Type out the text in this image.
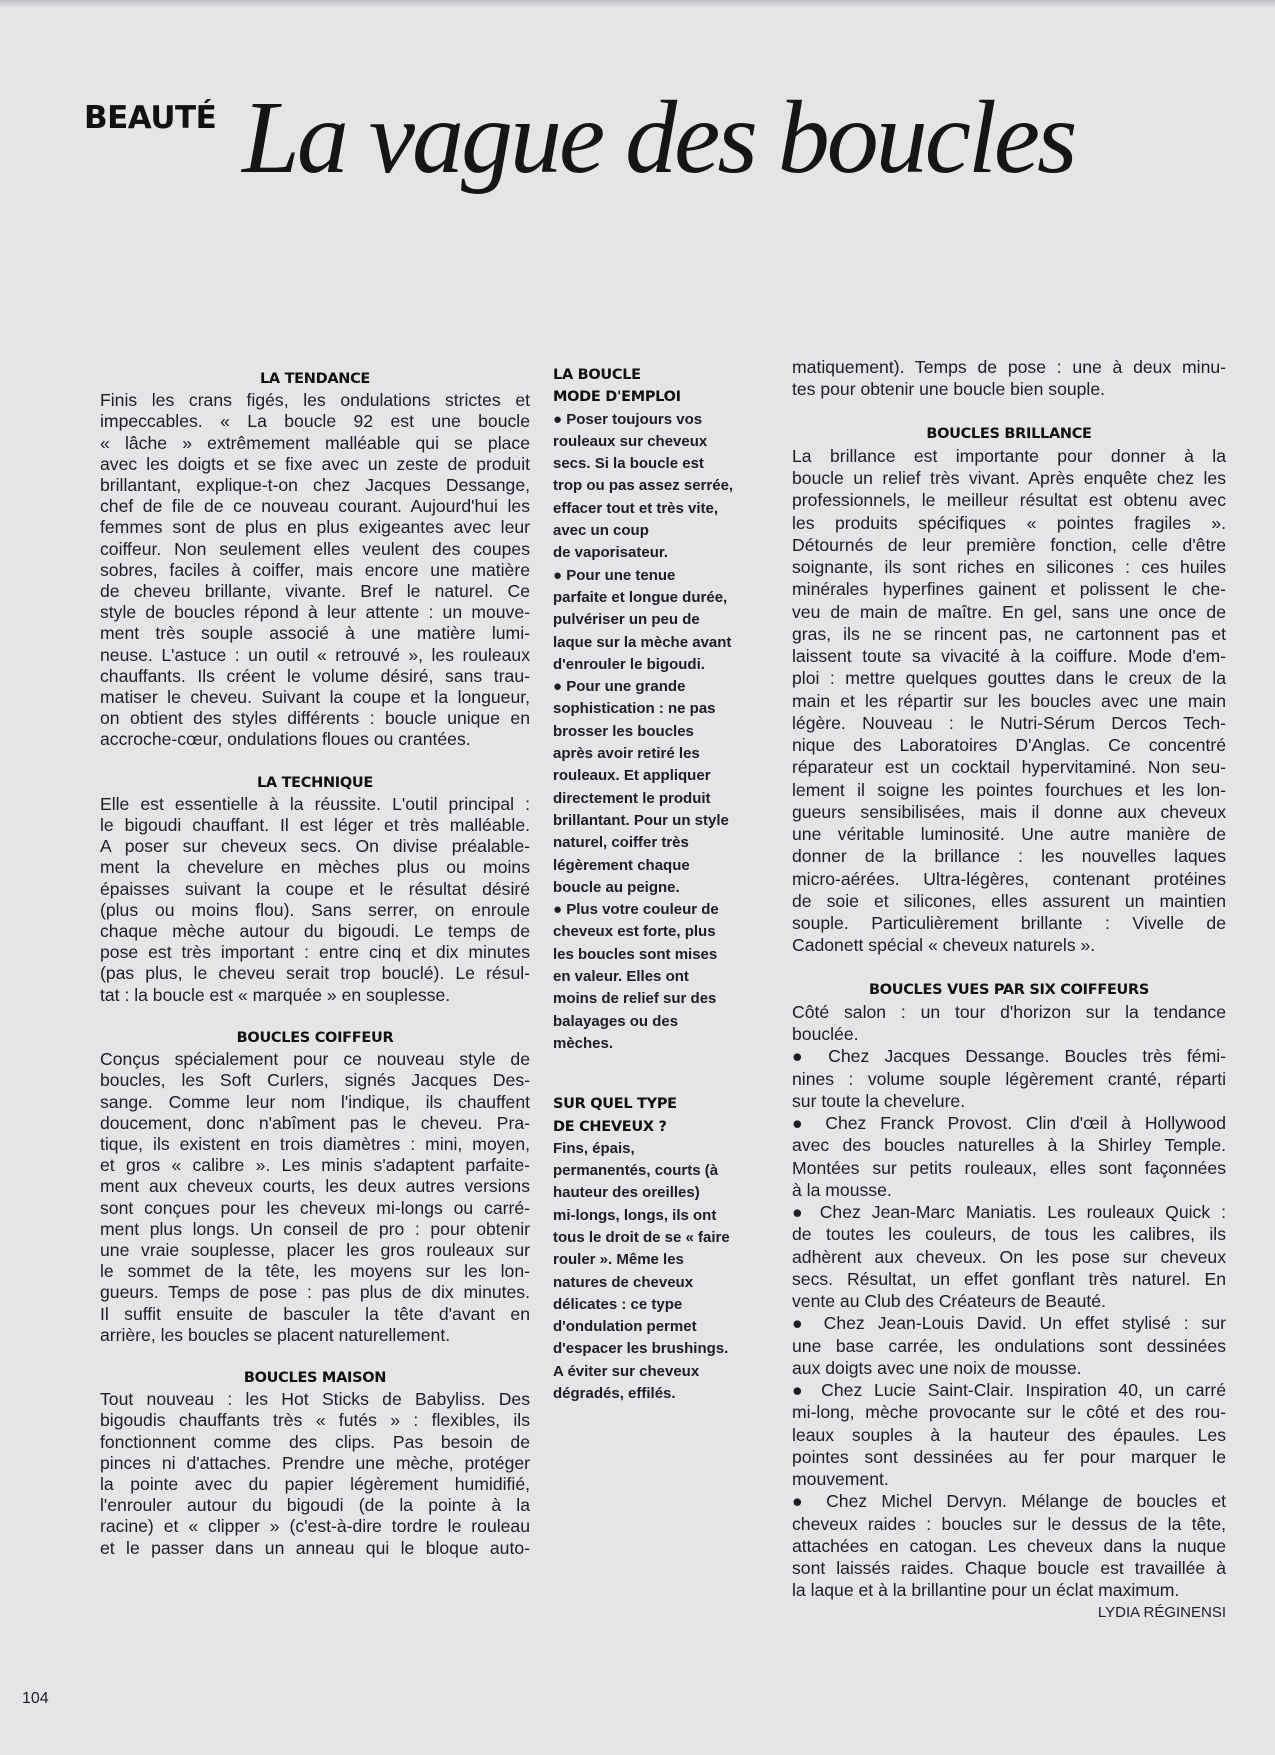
BEAUTÉ La vague des boucles
LA TENDANCE
Finis les crans figés, les ondulations strictes et
impeccables. « La boucle 92 est une boucle
« lâche » extrêmement malléable qui se place
avec les doigts et se fixe avec un zeste de produit
brillantant, explique-t-on chez Jacques Dessange,
chef de file de ce nouveau courant. Aujourd'hui les
femmes sont de plus en plus exigeantes avec leur
coiffeur. Non seulement elles veulent des coupes
sobres, faciles à coiffer, mais encore une matière
de cheveu brillante, vivante. Bref le naturel. Ce
style de boucles répond à leur attente : un mouve-
ment très souple associé à une matière lumi-
neuse. L'astuce : un outil « retrouvé », les rouleaux
chauffants. Ils créent le volume désiré, sans trau-
matiser le cheveu. Suivant la coupe et la longueur,
on obtient des styles différents : boucle unique en
accroche-cœur, ondulations floues ou crantées.
LA TECHNIQUE
Elle est essentielle à la réussite. L'outil principal :
le bigoudi chauffant. Il est léger et très malléable.
A poser sur cheveux secs. On divise préalable-
ment la chevelure en mèches plus ou moins
épaisses suivant la coupe et le résultat désiré
(plus ou moins flou). Sans serrer, on enroule
chaque mèche autour du bigoudi. Le temps de
pose est très important : entre cinq et dix minutes
(pas plus, le cheveu serait trop bouclé). Le résul-
tat : la boucle est « marquée » en souplesse.
BOUCLES COIFFEUR
Conçus spécialement pour ce nouveau style de
boucles, les Soft Curlers, signés Jacques Des-
sange. Comme leur nom l'indique, ils chauffent
doucement, donc n'abîment pas le cheveu. Pra-
tique, ils existent en trois diamètres : mini, moyen,
et gros « calibre ». Les minis s'adaptent parfaite-
ment aux cheveux courts, les deux autres versions
sont conçues pour les cheveux mi-longs ou carré-
ment plus longs. Un conseil de pro : pour obtenir
une vraie souplesse, placer les gros rouleaux sur
le sommet de la tête, les moyens sur les lon-
gueurs. Temps de pose : pas plus de dix minutes.
Il suffit ensuite de basculer la tête d'avant en
arrière, les boucles se placent naturellement.
BOUCLES MAISON
Tout nouveau : les Hot Sticks de Babyliss. Des
bigoudis chauffants très « futés » : flexibles, ils
fonctionnent comme des clips. Pas besoin de
pinces ni d'attaches. Prendre une mèche, protéger
la pointe avec du papier légèrement humidifié,
l'enrouler autour du bigoudi (de la pointe à la
racine) et « clipper » (c'est-à-dire tordre le rouleau
et le passer dans un anneau qui le bloque auto-
LA BOUCLE
MODE D'EMPLOI
● Poser toujours vos
rouleaux sur cheveux
secs. Si la boucle est
trop ou pas assez serrée,
effacer tout et très vite,
avec un coup
de vaporisateur.
● Pour une tenue
parfaite et longue durée,
pulvériser un peu de
laque sur la mèche avant
d'enrouler le bigoudi.
● Pour une grande
sophistication : ne pas
brosser les boucles
après avoir retiré les
rouleaux. Et appliquer
directement le produit
brillantant. Pour un style
naturel, coiffer très
légèrement chaque
boucle au peigne.
● Plus votre couleur de
cheveux est forte, plus
les boucles sont mises
en valeur. Elles ont
moins de relief sur des
balayages ou des
mèches.
SUR QUEL TYPE
DE CHEVEUX ?
Fins, épais,
permanentés, courts (à
hauteur des oreilles)
mi-longs, longs, ils ont
tous le droit de se « faire
rouler ». Même les
natures de cheveux
délicates : ce type
d'ondulation permet
d'espacer les brushings.
A éviter sur cheveux
dégradés, effilés.
matiquement). Temps de pose : une à deux minu-
tes pour obtenir une boucle bien souple.
BOUCLES BRILLANCE
La brillance est importante pour donner à la
boucle un relief très vivant. Après enquête chez les
professionnels, le meilleur résultat est obtenu avec
les produits spécifiques « pointes fragiles ».
Détournés de leur première fonction, celle d'être
soignante, ils sont riches en silicones : ces huiles
minérales hyperfines gainent et polissent le che-
veu de main de maître. En gel, sans une once de
gras, ils ne se rincent pas, ne cartonnent pas et
laissent toute sa vivacité à la coiffure. Mode d'em-
ploi : mettre quelques gouttes dans le creux de la
main et les répartir sur les boucles avec une main
légère. Nouveau : le Nutri-Sérum Dercos Tech-
nique des Laboratoires D'Anglas. Ce concentré
réparateur est un cocktail hypervitaminé. Non seu-
lement il soigne les pointes fourchues et les lon-
gueurs sensibilisées, mais il donne aux cheveux
une véritable luminosité. Une autre manière de
donner de la brillance : les nouvelles laques
micro-aérées. Ultra-légères, contenant protéines
de soie et silicones, elles assurent un maintien
souple. Particulièrement brillante : Vivelle de
Cadonett spécial « cheveux naturels ».
BOUCLES VUES PAR SIX COIFFEURS
Côté salon : un tour d'horizon sur la tendance
bouclée.
● Chez Jacques Dessange. Boucles très fémi-
nines : volume souple légèrement cranté, réparti
sur toute la chevelure.
● Chez Franck Provost. Clin d'œil à Hollywood
avec des boucles naturelles à la Shirley Temple.
Montées sur petits rouleaux, elles sont façonnées
à la mousse.
● Chez Jean-Marc Maniatis. Les rouleaux Quick :
de toutes les couleurs, de tous les calibres, ils
adhèrent aux cheveux. On les pose sur cheveux
secs. Résultat, un effet gonflant très naturel. En
vente au Club des Créateurs de Beauté.
● Chez Jean-Louis David. Un effet stylisé : sur
une base carrée, les ondulations sont dessinées
aux doigts avec une noix de mousse.
● Chez Lucie Saint-Clair. Inspiration 40, un carré
mi-long, mèche provocante sur le côté et des rou-
leaux souples à la hauteur des épaules. Les
pointes sont dessinées au fer pour marquer le
mouvement.
● Chez Michel Dervyn. Mélange de boucles et
cheveux raides : boucles sur le dessus de la tête,
attachées en catogan. Les cheveux dans la nuque
sont laissés raides. Chaque boucle est travaillée à
la laque et à la brillantine pour un éclat maximum.
LYDIA RÉGINENSI
104
